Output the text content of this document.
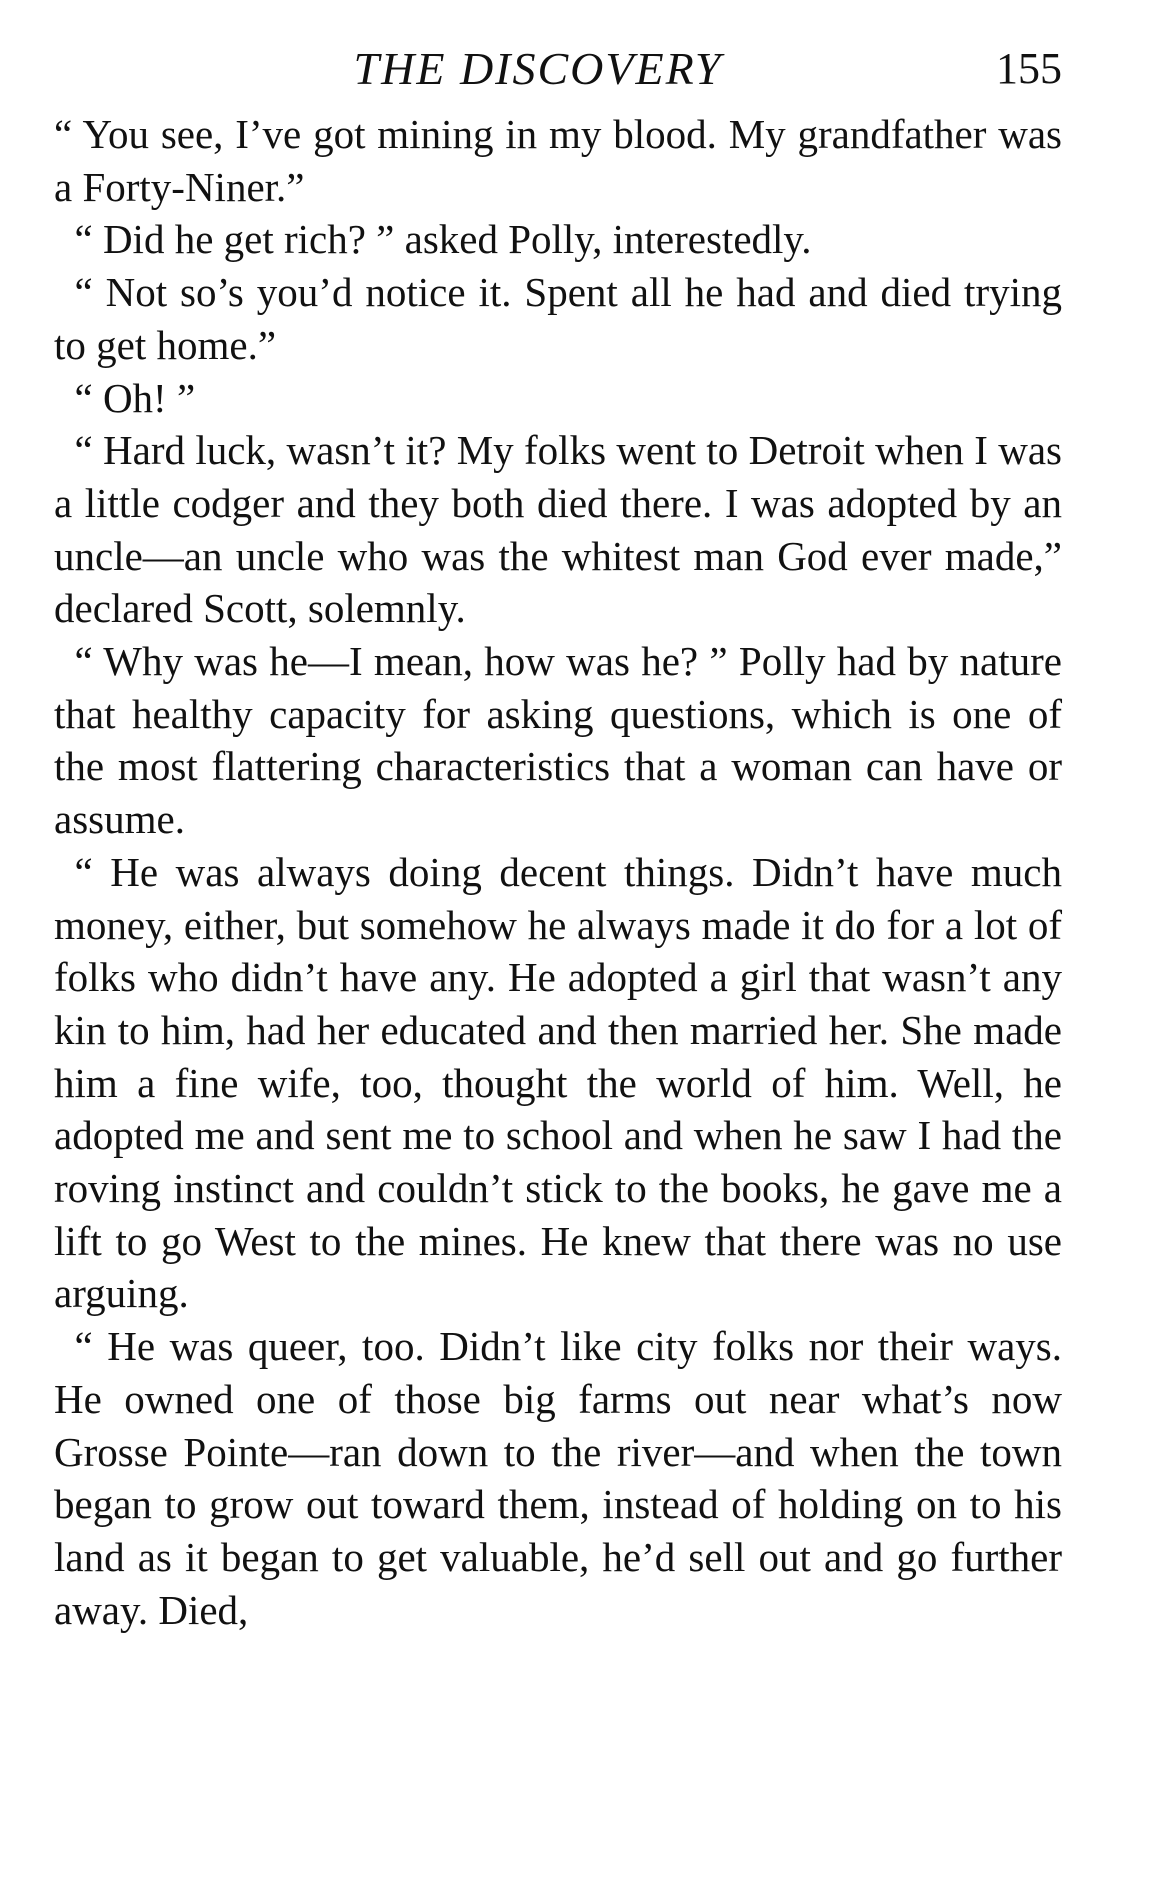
THE DISCOVERY	155

“ You see, I’ve got mining in my blood. My grandfather was a Forty-Niner.”

“ Did he get rich? ” asked Polly, interestedly.

“ Not so’s you’d notice it. Spent all he had and died trying to get home.”

“ Oh! ”

“ Hard luck, wasn’t it? My folks went to Detroit when I was a little codger and they both died there. I was adopted by an uncle—an uncle who was the whitest man God ever made,” declared Scott, solemnly.

“ Why was he—I mean, how was he? ” Polly had by nature that healthy capacity for asking questions, which is one of the most flattering characteristics that a woman can have or assume.

“ He was always doing decent things. Didn’t have much money, either, but somehow he always made it do for a lot of folks who didn’t have any. He adopted a girl that wasn’t any kin to him, had her educated and then married her. She made him a fine wife, too, thought the world of him. Well, he adopted me and sent me to school and when he saw I had the roving instinct and couldn’t stick to the books, he gave me a lift to go West to the mines. He knew that there was no use arguing.

“ He was queer, too. Didn’t like city folks nor their ways. He owned one of those big farms out near what’s now Grosse Pointe—ran down to the river—and when the town began to grow out toward them, instead of holding on to his land as it began to get valuable, he’d sell out and go further away. Died,
